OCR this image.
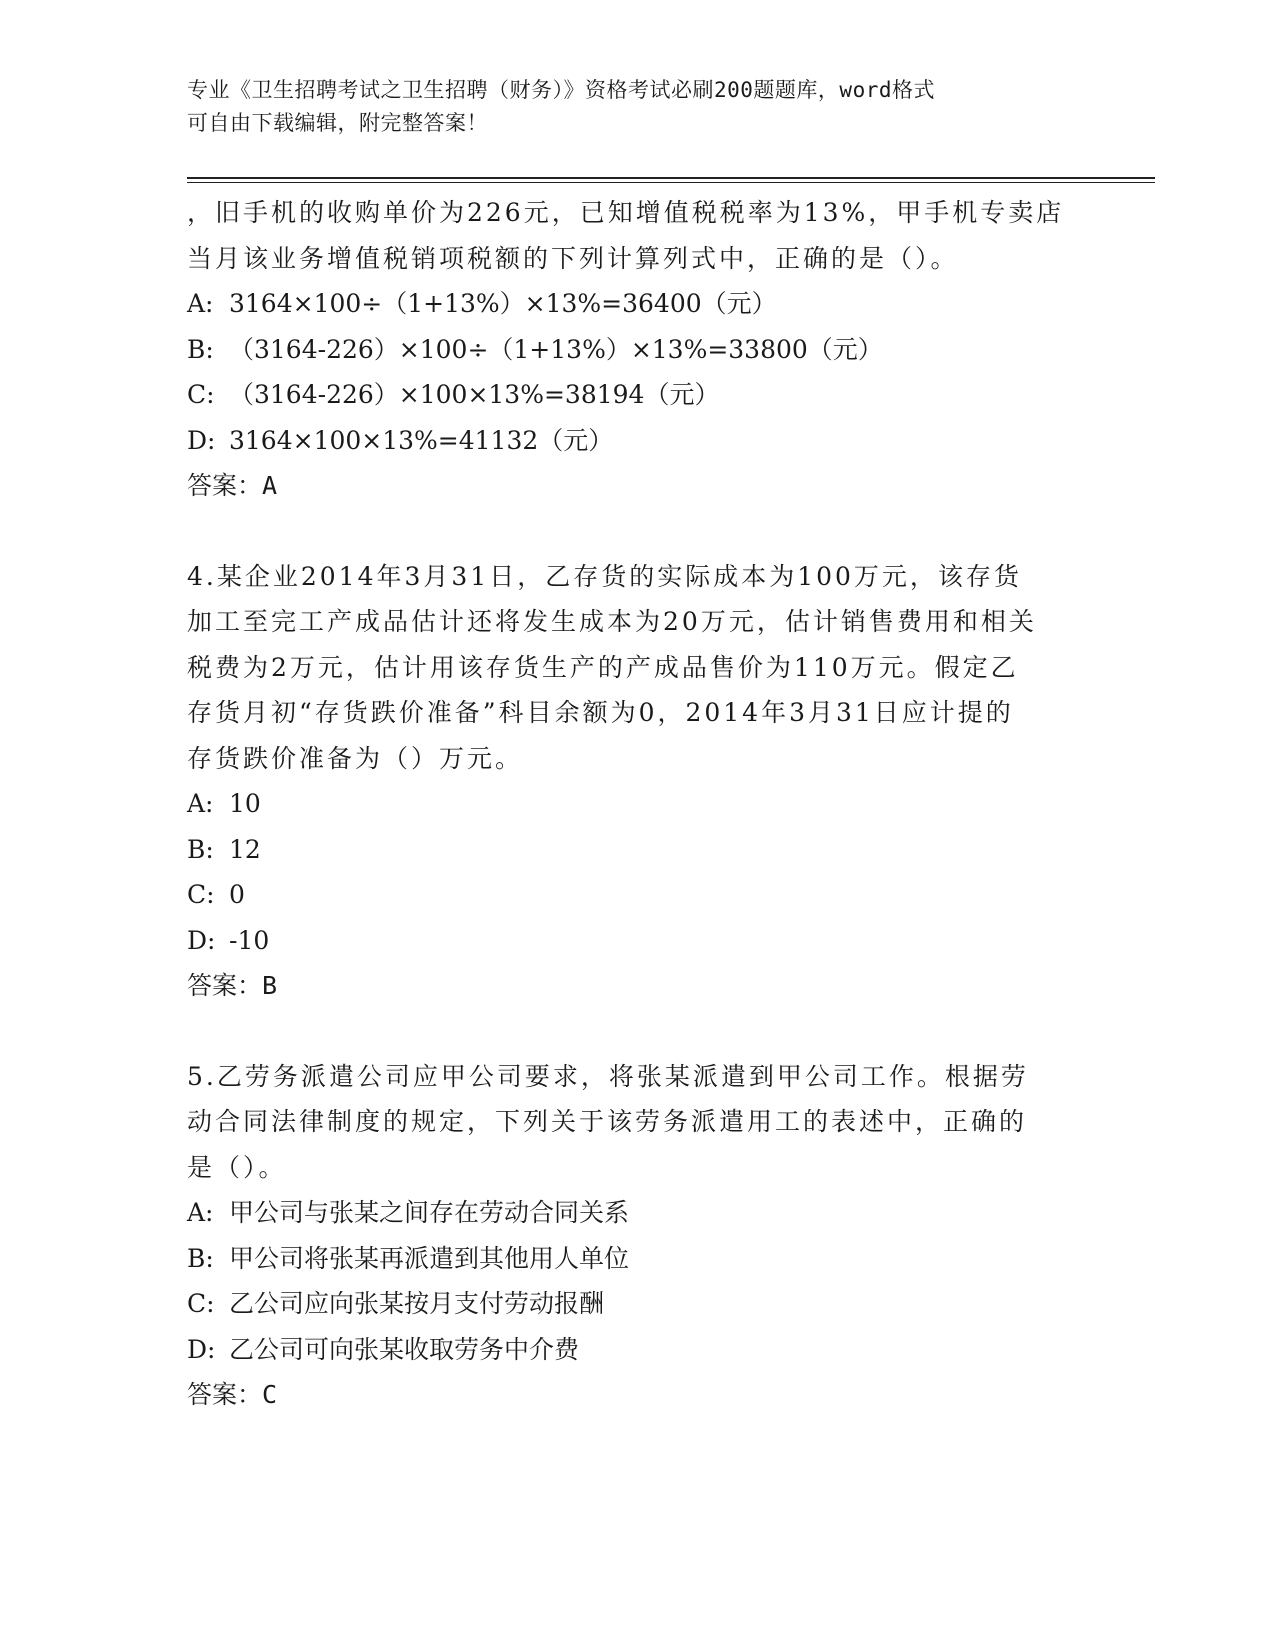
专业《卫生招聘考试之卫生招聘（财务）》资格考试必刷200题题库，word格式
可自由下载编辑，附完整答案！
，旧手机的收购单价为226元，已知增值税税率为13%，甲手机专卖店
当月该业务增值税销项税额的下列计算列式中，正确的是（）。
A: 3164×100÷（1+13%）×13%=36400（元）
B: （3164-226）×100÷（1+13%）×13%=33800（元）
C: （3164-226）×100×13%=38194（元）
D: 3164×100×13%=41132（元）
答案：A
4.某企业2014年3月31日，乙存货的实际成本为100万元，该存货
加工至完工产成品估计还将发生成本为20万元，估计销售费用和相关
税费为2万元，估计用该存货生产的产成品售价为110万元。假定乙
存货月初“存货跌价准备”科目余额为0，2014年3月31日应计提的
存货跌价准备为（）万元。
A: 10
B: 12
C: 0
D: -10
答案：B
5.乙劳务派遣公司应甲公司要求，将张某派遣到甲公司工作。根据劳
动合同法律制度的规定，下列关于该劳务派遣用工的表述中，正确的
是（）。
A: 甲公司与张某之间存在劳动合同关系
B: 甲公司将张某再派遣到其他用人单位
C: 乙公司应向张某按月支付劳动报酬
D: 乙公司可向张某收取劳务中介费
答案：C
